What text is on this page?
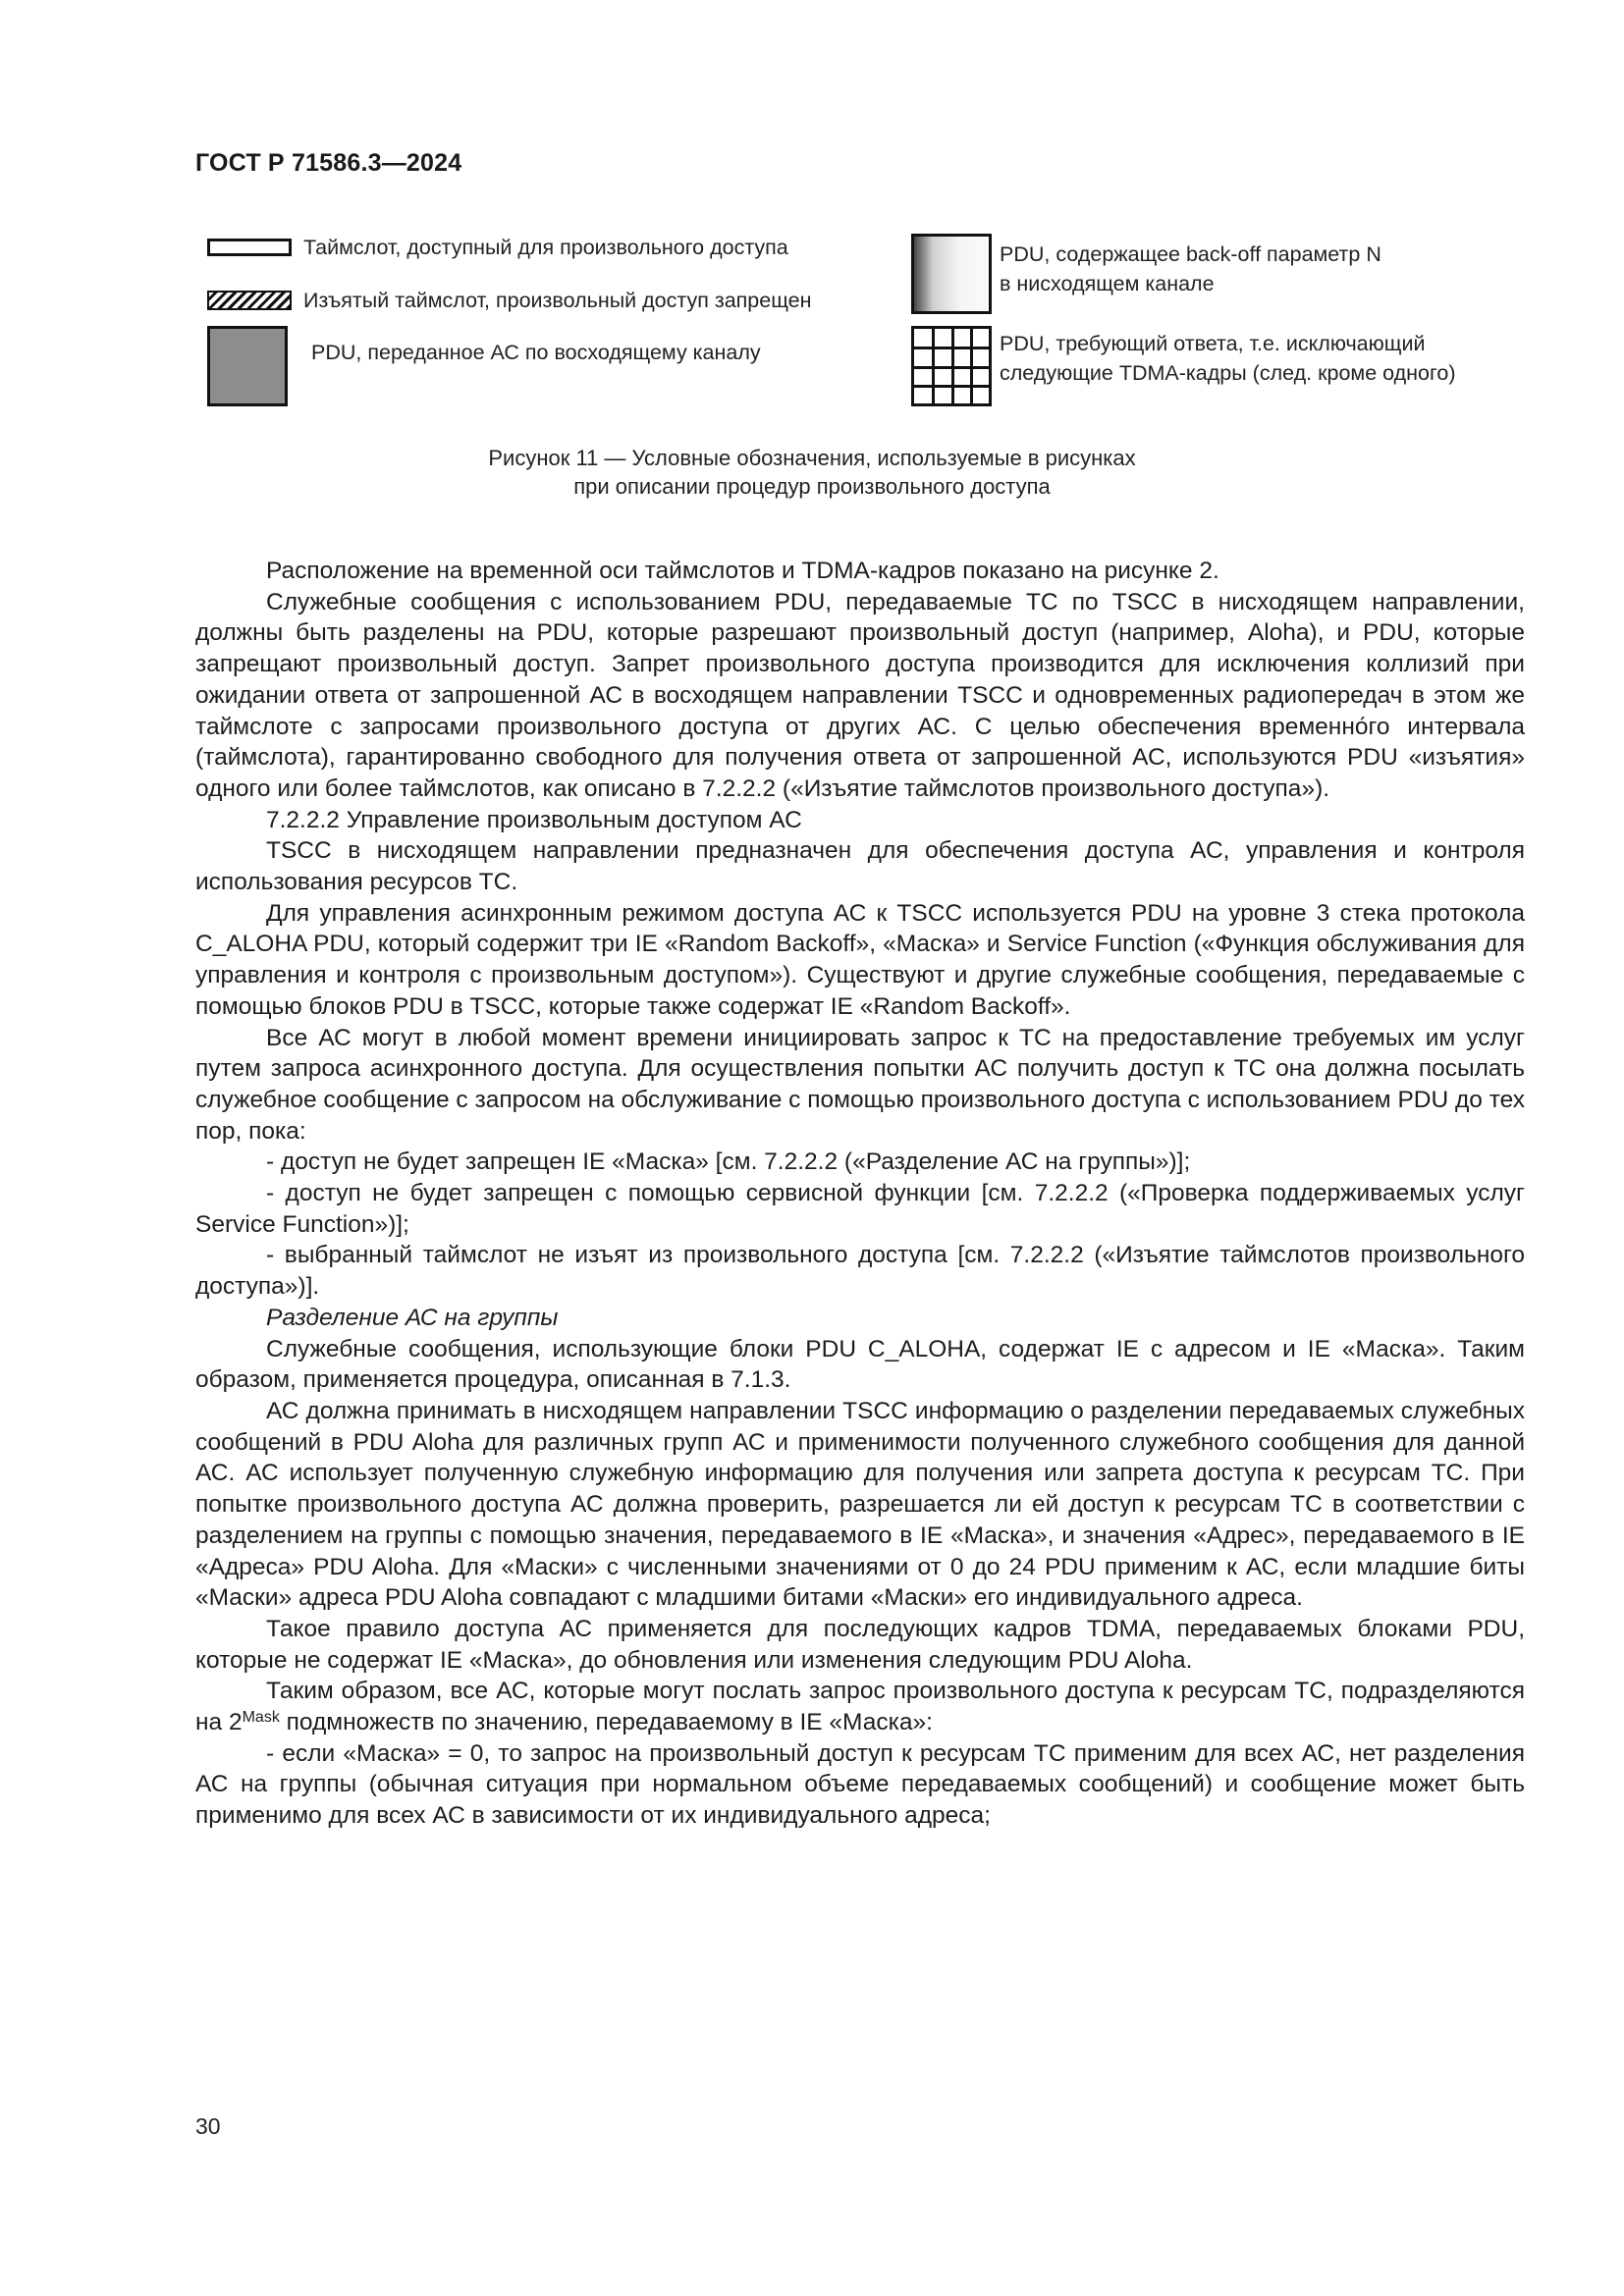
ГОСТ Р 71586.3—2024
Таймслот, доступный для произвольного доступа
Изъятый таймслот, произвольный доступ запрещен
PDU, переданное АС по восходящему каналу
PDU, содержащее back-off параметр N
в нисходящем канале
PDU, требующий ответа, т.е. исключающий
следующие TDMA-кадры (след. кроме одного)
Рисунок 11 — Условные обозначения, используемые в рисунках
при описании процедур произвольного доступа

Расположение на временной оси таймслотов и TDMA-кадров показано на рисунке 2.

Служебные сообщения с использованием PDU, передаваемые ТС по TSCC в нисходящем направлении, должны быть разделены на PDU, которые разрешают произвольный доступ (например, Aloha), и PDU, которые запрещают произвольный доступ. Запрет произвольного доступа производится для исключения коллизий при ожидании ответа от запрошенной АС в восходящем направлении TSCC и одновременных радиопередач в этом же таймслоте с запросами произвольного доступа от других АС. С целью обеспечения временно́го интервала (таймслота), гарантированно свободного для получения ответа от запрошенной АС, используются PDU «изъятия» одного или более таймслотов, как описано в 7.2.2.2 («Изъятие таймслотов произвольного доступа»).

7.2.2.2 Управление произвольным доступом АС

TSCC в нисходящем направлении предназначен для обеспечения доступа АС, управления и контроля использования ресурсов ТС.

Для управления асинхронным режимом доступа АС к TSCC используется PDU на уровне 3 стека протокола C_ALOHA PDU, который содержит три IE «Random Backoff», «Маска» и Service Function («Функция обслуживания для управления и контроля с произвольным доступом»). Существуют и другие служебные сообщения, передаваемые с помощью блоков PDU в TSCC, которые также содержат IE «Random Backoff».

Все АС могут в любой момент времени инициировать запрос к ТС на предоставление требуемых им услуг путем запроса асинхронного доступа. Для осуществления попытки АС получить доступ к ТС она должна посылать служебное сообщение с запросом на обслуживание с помощью произвольного доступа с использованием PDU до тех пор, пока:

- доступ не будет запрещен IE «Маска» [см. 7.2.2.2 («Разделение АС на группы»)];

- доступ не будет запрещен с помощью сервисной функции [см. 7.2.2.2 («Проверка поддерживаемых услуг Service Function»)];

- выбранный таймслот не изъят из произвольного доступа [см. 7.2.2.2 («Изъятие таймслотов произвольного доступа»)].

Разделение АС на группы

Служебные сообщения, использующие блоки PDU C_ALOHA, содержат IE с адресом и IE «Маска». Таким образом, применяется процедура, описанная в 7.1.3.

АС должна принимать в нисходящем направлении TSCC информацию о разделении передаваемых служебных сообщений в PDU Aloha для различных групп АС и применимости полученного служебного сообщения для данной АС. АС использует полученную служебную информацию для получения или запрета доступа к ресурсам ТС. При попытке произвольного доступа АС должна проверить, разрешается ли ей доступ к ресурсам ТС в соответствии с разделением на группы с помощью значения, передаваемого в IE «Маска», и значения «Адрес», передаваемого в IE «Адреса» PDU Aloha. Для «Маски» с численными значениями от 0 до 24 PDU применим к АС, если младшие биты «Маски» адреса PDU Aloha совпадают с младшими битами «Маски» его индивидуального адреса.

Такое правило доступа АС применяется для последующих кадров TDMA, передаваемых блоками PDU, которые не содержат IE «Маска», до обновления или изменения следующим PDU Aloha.

Таким образом, все АС, которые могут послать запрос произвольного доступа к ресурсам ТС, подразделяются на $2^{Mask}$ подмножеств по значению, передаваемому в IE «Маска»:

- если «Маска» = 0, то запрос на произвольный доступ к ресурсам ТС применим для всех АС, нет разделения АС на группы (обычная ситуация при нормальном объеме передаваемых сообщений) и сообщение может быть применимо для всех АС в зависимости от их индивидуального адреса;

30
